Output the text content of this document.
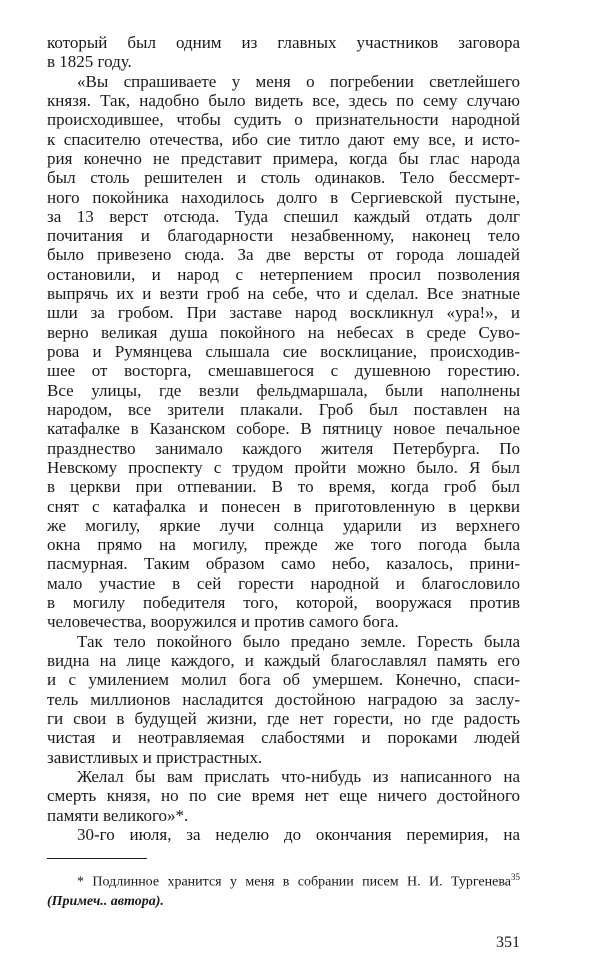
который был одним из главных участников заговора
в 1825 году.
«Вы спрашиваете у меня о погребении светлейшего
князя. Так, надобно было видеть все, здесь по сему случаю
происходившее, чтобы судить о признательности народной
к спасителю отечества, ибо сие титло дают ему все, и исто-
рия конечно не представит примера, когда бы глас народа
был столь решителен и столь одинаков. Тело бессмерт-
ного покойника находилось долго в Сергиевской пустыне,
за 13 верст отсюда. Туда спешил каждый отдать долг
почитания и благодарности незабвенному, наконец тело
было привезено сюда. За две версты от города лошадей
остановили, и народ с нетерпением просил позволения
выпрячь их и везти гроб на себе, что и сделал. Все знатные
шли за гробом. При заставе народ воскликнул «ура!», и
верно великая душа покойного на небесах в среде Суво-
рова и Румянцева слышала сие восклицание, происходив-
шее от восторга, смешавшегося с душевною горестию.
Все улицы, где везли фельдмаршала, были наполнены
народом, все зрители плакали. Гроб был поставлен на
катафалке в Казанском соборе. В пятницу новое печальное
празднество занимало каждого жителя Петербурга. По
Невскому проспекту с трудом пройти можно было. Я был
в церкви при отпевании. В то время, когда гроб был
снят с катафалка и понесен в приготовленную в церкви
же могилу, яркие лучи солнца ударили из верхнего
окна прямо на могилу, прежде же того погода была
пасмурная. Таким образом само небо, казалось, прини-
мало участие в сей горести народной и благословило
в могилу победителя того, которой, вооружася против
человечества, вооружился и против самого бога.
Так тело покойного было предано земле. Горесть была
видна на лице каждого, и каждый благославлял память его
и с умилением молил бога об умершем. Конечно, спаси-
тель миллионов насладится достойною наградою за заслу-
ги свои в будущей жизни, где нет горести, но где радость
чистая и неотравляемая слабостями и пороками людей
завистливых и пристрастных.
Желал бы вам прислать что-нибудь из написанного на
смерть князя, но по сие время нет еще ничего достойного
памяти великого»*.
30-го июля, за неделю до окончания перемирия, на
* Подлинное хранится у меня в собрании писем Н. И. Тургенева$^{35}$
(Примеч.. автора).
351
